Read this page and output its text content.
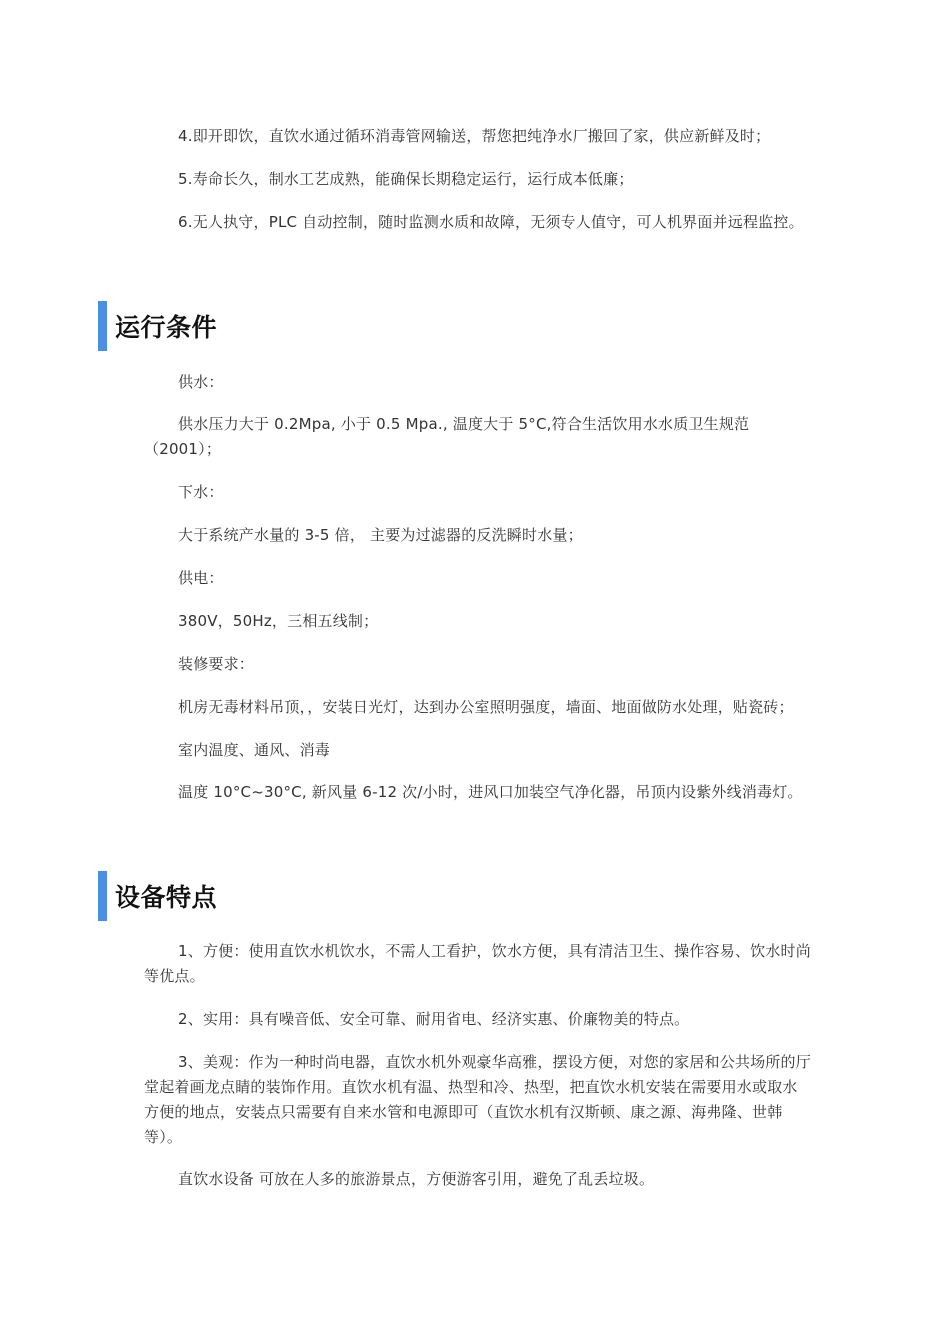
4.即开即饮，直饮水通过循环消毒管网输送，帮您把纯净水厂搬回了家，供应新鲜及时；

5.寿命长久，制水工艺成熟，能确保长期稳定运行，运行成本低廉；

6.无人执守，PLC 自动控制，随时监测水质和故障，无须专人值守，可人机界面并远程监控。

运行条件

供水：

供水压力大于 0.2Mpa, 小于 0.5 Mpa., 温度大于 5°C,符合生活饮用水水质卫生规范（2001）；

下水：

大于系统产水量的 3-5 倍， 主要为过滤器的反洗瞬时水量；

供电：

380V，50Hz，三相五线制；

装修要求：

机房无毒材料吊顶，，安装日光灯，达到办公室照明强度，墙面、地面做防水处理，贴瓷砖；

室内温度、通风、消毒

温度 10°C~30°C, 新风量 6-12 次/小时，进风口加装空气净化器，吊顶内设紫外线消毒灯。

设备特点

1、方便：使用直饮水机饮水，不需人工看护，饮水方便，具有清洁卫生、操作容易、饮水时尚等优点。

2、实用：具有噪音低、安全可靠、耐用省电、经济实惠、价廉物美的特点。

3、美观：作为一种时尚电器，直饮水机外观豪华高雅，摆设方便，对您的家居和公共场所的厅堂起着画龙点睛的装饰作用。直饮水机有温、热型和冷、热型，把直饮水机安装在需要用水或取水方便的地点，安装点只需要有自来水管和电源即可（直饮水机有汉斯顿、康之源、海弗隆、世韩等）。

直饮水设备 可放在人多的旅游景点，方便游客引用，避免了乱丢垃圾。
